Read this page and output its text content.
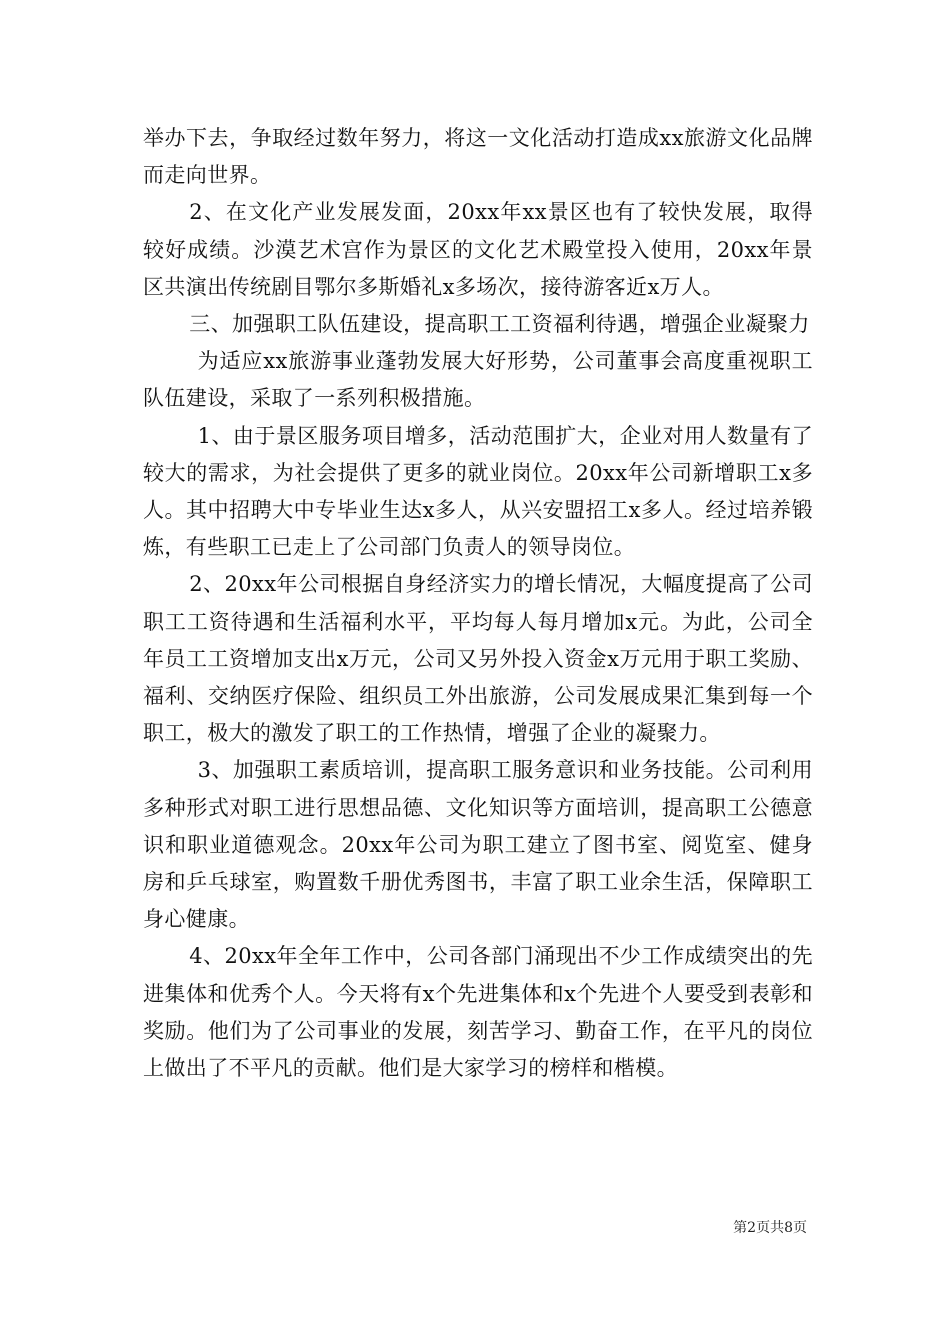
举办下去，争取经过数年努力，将这一文化活动打造成xx旅游文化品牌而走向世界。

2、在文化产业发展发面，20xx年xx景区也有了较快发展，取得较好成绩。沙漠艺术宫作为景区的文化艺术殿堂投入使用，20xx年景区共演出传统剧目鄂尔多斯婚礼x多场次，接待游客近x万人。

三、加强职工队伍建设，提高职工工资福利待遇，增强企业凝聚力

为适应xx旅游事业蓬勃发展大好形势，公司董事会高度重视职工队伍建设，采取了一系列积极措施。

1、由于景区服务项目增多，活动范围扩大，企业对用人数量有了较大的需求，为社会提供了更多的就业岗位。20xx年公司新增职工x多人。其中招聘大中专毕业生达x多人，从兴安盟招工x多人。经过培养锻炼，有些职工已走上了公司部门负责人的领导岗位。

2、20xx年公司根据自身经济实力的增长情况，大幅度提高了公司职工工资待遇和生活福利水平，平均每人每月增加x元。为此，公司全年员工工资增加支出x万元，公司又另外投入资金x万元用于职工奖励、福利、交纳医疗保险、组织员工外出旅游，公司发展成果汇集到每一个职工，极大的激发了职工的工作热情，增强了企业的凝聚力。

3、加强职工素质培训，提高职工服务意识和业务技能。公司利用多种形式对职工进行思想品德、文化知识等方面培训，提高职工公德意识和职业道德观念。20xx年公司为职工建立了图书室、阅览室、健身房和乒乓球室，购置数千册优秀图书，丰富了职工业余生活，保障职工身心健康。

4、20xx年全年工作中，公司各部门涌现出不少工作成绩突出的先进集体和优秀个人。今天将有x个先进集体和x个先进个人要受到表彰和奖励。他们为了公司事业的发展，刻苦学习、勤奋工作，在平凡的岗位上做出了不平凡的贡献。他们是大家学习的榜样和楷模。

第2页共8页
